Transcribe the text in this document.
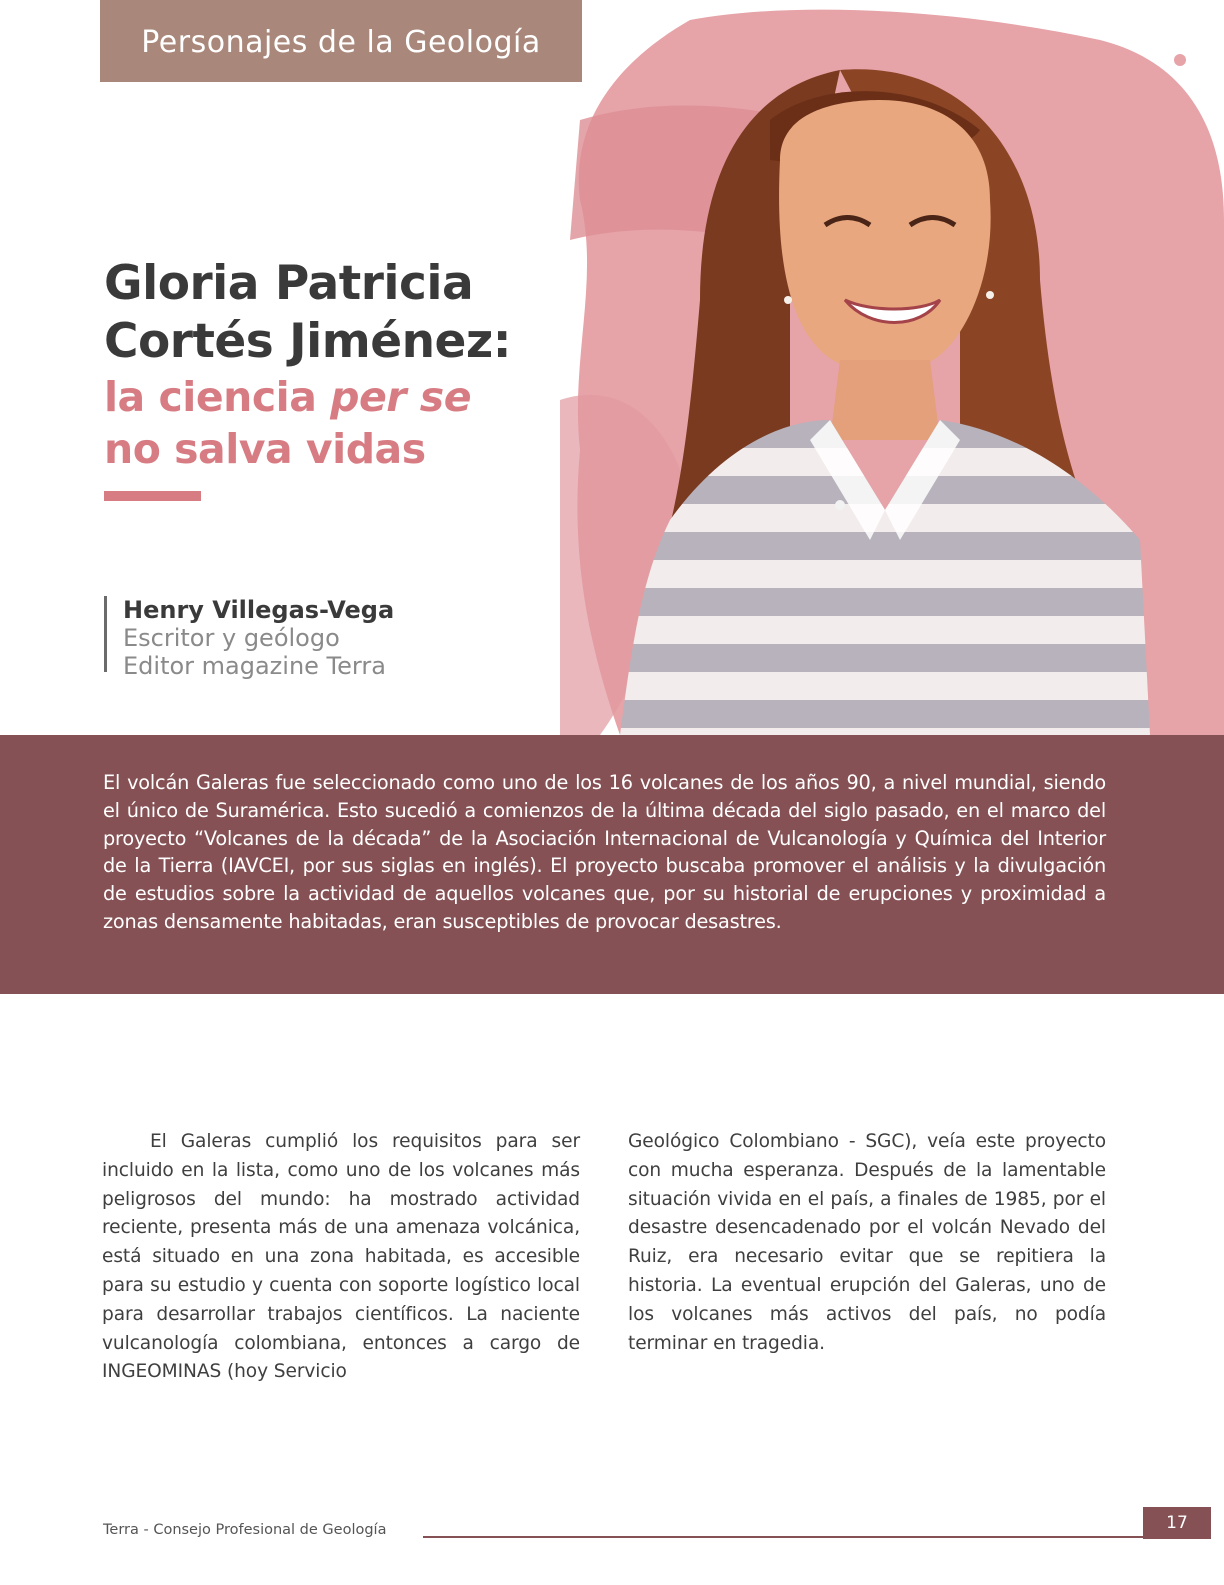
Personajes de la Geología
Gloria Patricia
Cortés Jiménez:
la ciencia per se
no salva vidas
Henry Villegas-Vega
Escritor y geólogo
Editor magazine Terra
El volcán Galeras fue seleccionado como uno de los 16 volcanes de los años 90, a nivel mundial, siendo el único de Suramérica. Esto sucedió a comienzos de la última década del siglo pasado, en el marco del proyecto “Volcanes de la década” de la Asociación Internacional de Vulcanología y Química del Interior de la Tierra (IAVCEI, por sus siglas en inglés). El proyecto buscaba promover el análisis y la divulgación de estudios sobre la actividad de aquellos volcanes que, por su historial de erupciones y proximidad a zonas densamente habitadas, eran susceptibles de provocar desastres.
El Galeras cumplió los requisitos para ser incluido en la lista, como uno de los volcanes más peligrosos del mundo: ha mostrado actividad reciente, presenta más de una amenaza volcánica, está situado en una zona habitada, es accesible para su estudio y cuenta con soporte logístico local para desarrollar trabajos científicos. La naciente vulcanología colombiana, entonces a cargo de INGEOMINAS (hoy Servicio
Geológico Colombiano - SGC), veía este proyecto con mucha esperanza. Después de la lamentable situación vivida en el país, a finales de 1985, por el desastre desencadenado por el volcán Nevado del Ruiz, era necesario evitar que se repitiera la historia. La eventual erupción del Galeras, uno de los volcanes más activos del país, no podía terminar en tragedia.
Terra - Consejo Profesional de Geología	17
